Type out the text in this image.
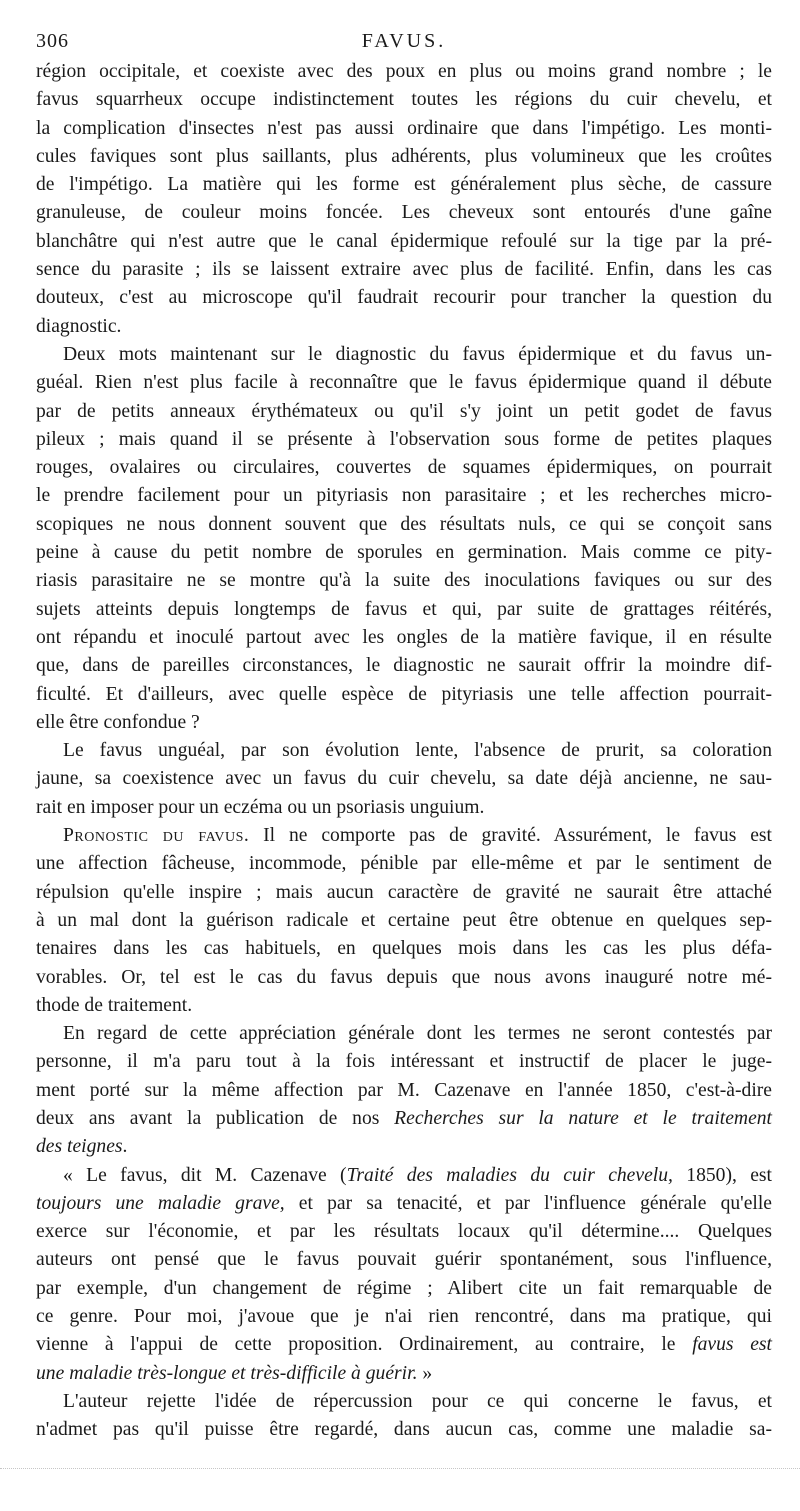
306	FAVUS.

région occipitale, et coexiste avec des poux en plus ou moins grand nombre ; le
favus squarrheux occupe indistinctement toutes les régions du cuir chevelu, et
la complication d'insectes n'est pas aussi ordinaire que dans l'impétigo. Les monti-
cules faviques sont plus saillants, plus adhérents, plus volumineux que les croûtes
de l'impétigo. La matière qui les forme est généralement plus sèche, de cassure
granuleuse, de couleur moins foncée. Les cheveux sont entourés d'une gaîne
blanchâtre qui n'est autre que le canal épidermique refoulé sur la tige par la pré-
sence du parasite ; ils se laissent extraire avec plus de facilité. Enfin, dans les cas
douteux, c'est au microscope qu'il faudrait recourir pour trancher la question du
diagnostic.

Deux mots maintenant sur le diagnostic du favus épidermique et du favus un-
guéal. Rien n'est plus facile à reconnaître que le favus épidermique quand il débute
par de petits anneaux érythémateux ou qu'il s'y joint un petit godet de favus
pileux ; mais quand il se présente à l'observation sous forme de petites plaques
rouges, ovalaires ou circulaires, couvertes de squames épidermiques, on pourrait
le prendre facilement pour un pityriasis non parasitaire ; et les recherches micro-
scopiques ne nous donnent souvent que des résultats nuls, ce qui se conçoit sans
peine à cause du petit nombre de sporules en germination. Mais comme ce pity-
riasis parasitaire ne se montre qu'à la suite des inoculations faviques ou sur des
sujets atteints depuis longtemps de favus et qui, par suite de grattages réitérés,
ont répandu et inoculé partout avec les ongles de la matière favique, il en résulte
que, dans de pareilles circonstances, le diagnostic ne saurait offrir la moindre dif-
ficulté. Et d'ailleurs, avec quelle espèce de pityriasis une telle affection pourrait-
elle être confondue ?

Le favus unguéal, par son évolution lente, l'absence de prurit, sa coloration
jaune, sa coexistence avec un favus du cuir chevelu, sa date déjà ancienne, ne sau-
rait en imposer pour un eczéma ou un psoriasis unguium.

Pronostic du favus. Il ne comporte pas de gravité. Assurément, le favus est
une affection fâcheuse, incommode, pénible par elle-même et par le sentiment de
répulsion qu'elle inspire ; mais aucun caractère de gravité ne saurait être attaché
à un mal dont la guérison radicale et certaine peut être obtenue en quelques sep-
tenaires dans les cas habituels, en quelques mois dans les cas les plus défa-
vorables. Or, tel est le cas du favus depuis que nous avons inauguré notre mé-
thode de traitement.

En regard de cette appréciation générale dont les termes ne seront contestés par
personne, il m'a paru tout à la fois intéressant et instructif de placer le juge-
ment porté sur la même affection par M. Cazenave en l'année 1850, c'est-à-dire
deux ans avant la publication de nos Recherches sur la nature et le traitement
des teignes.

« Le favus, dit M. Cazenave (Traité des maladies du cuir chevelu, 1850), est
toujours une maladie grave, et par sa tenacité, et par l'influence générale qu'elle
exerce sur l'économie, et par les résultats locaux qu'il détermine.... Quelques
auteurs ont pensé que le favus pouvait guérir spontanément, sous l'influence,
par exemple, d'un changement de régime ; Alibert cite un fait remarquable de
ce genre. Pour moi, j'avoue que je n'ai rien rencontré, dans ma pratique, qui
vienne à l'appui de cette proposition. Ordinairement, au contraire, le favus est
une maladie très-longue et très-difficile à guérir. »

L'auteur rejette l'idée de répercussion pour ce qui concerne le favus, et
n'admet pas qu'il puisse être regardé, dans aucun cas, comme une maladie sa-
